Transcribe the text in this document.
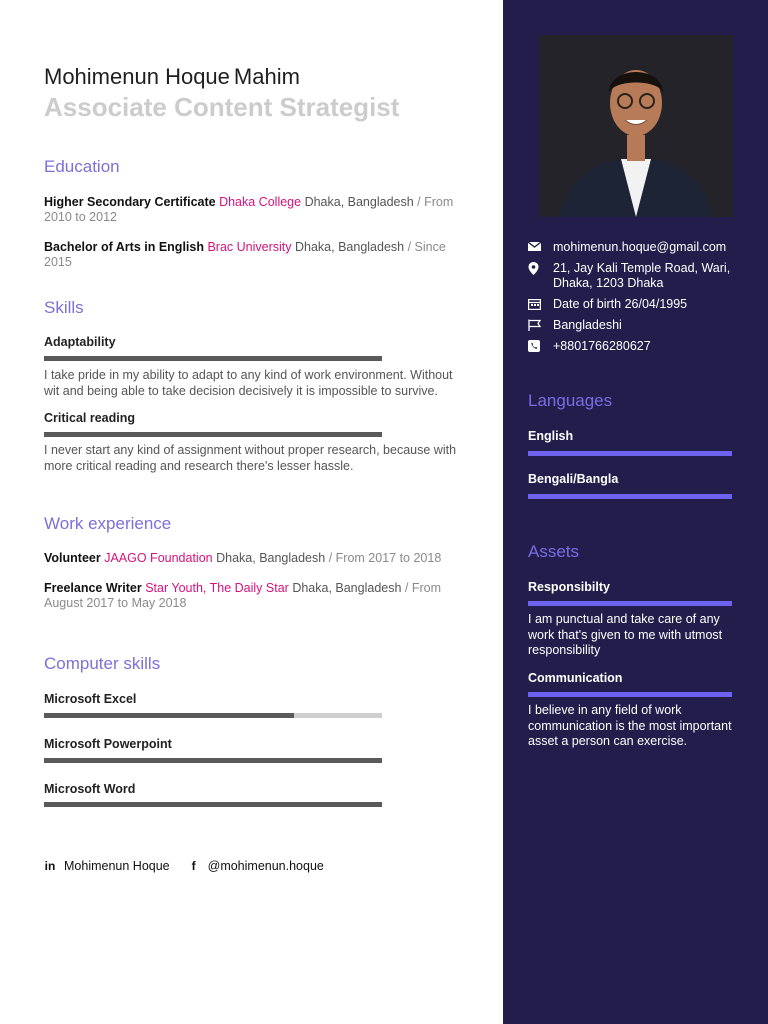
Mohimenun Hoque Mahim
Associate Content Strategist
Education
Higher Secondary Certificate Dhaka College Dhaka, Bangladesh / From 2010 to 2012
Bachelor of Arts in English Brac University Dhaka, Bangladesh / Since 2015
Skills
Adaptability
I take pride in my ability to adapt to any kind of work environment. Without wit and being able to take decision decisively it is impossible to survive.
Critical reading
I never start any kind of assignment without proper research, because with more critical reading and research there's lesser hassle.
Work experience
Volunteer JAAGO Foundation Dhaka, Bangladesh / From 2017 to 2018
Freelance Writer Star Youth, The Daily Star Dhaka, Bangladesh / From August 2017 to May 2018
Computer skills
Microsoft Excel
Microsoft Powerpoint
Microsoft Word
in Mohimenun Hoque	f @mohimenun.hoque
mohimenun.hoque@gmail.com
21, Jay Kali Temple Road, Wari, Dhaka, 1203 Dhaka
Date of birth 26/04/1995
Bangladeshi
+8801766280627
Languages
English
Bengali/Bangla
Assets
Responsibilty
I am punctual and take care of any work that's given to me with utmost responsibility
Communication
I believe in any field of work communication is the most important asset a person can exercise.
